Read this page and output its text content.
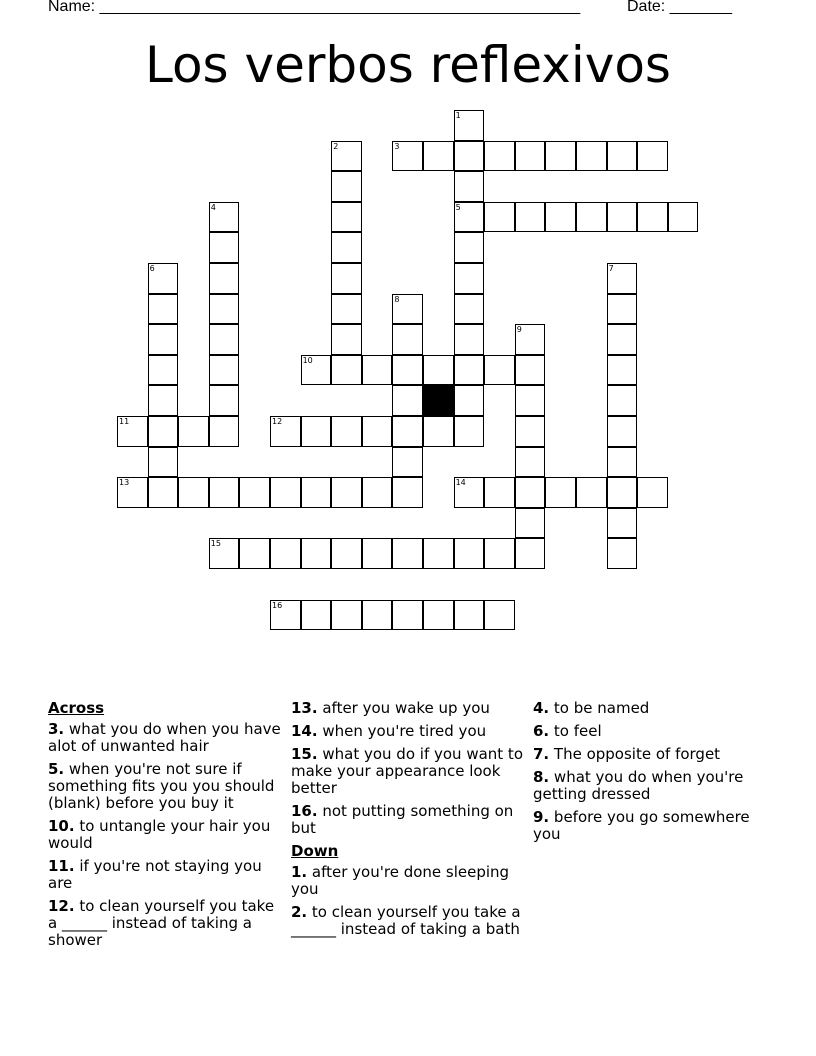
Name: ______________________________________________________	Date: _______
Los verbos reflexivos
1
5
2	3
4
6	7
8
9
10
11	12
13	14
15
16
Across
3. what you do when you have alot of unwanted hair
5. when you're not sure if something fits you you should (blank) before you buy it
10. to untangle your hair you would
11. if you're not staying you are
12. to clean yourself you take a ______ instead of taking a shower
13. after you wake up you
14. when you're tired you
15. what you do if you want to make your appearance look better
16. not putting something on but
Down
1. after you're done sleeping you
2. to clean yourself you take a ______ instead of taking a bath
4. to be named
6. to feel
7. The opposite of forget
8. what you do when you're getting dressed
9. before you go somewhere you
